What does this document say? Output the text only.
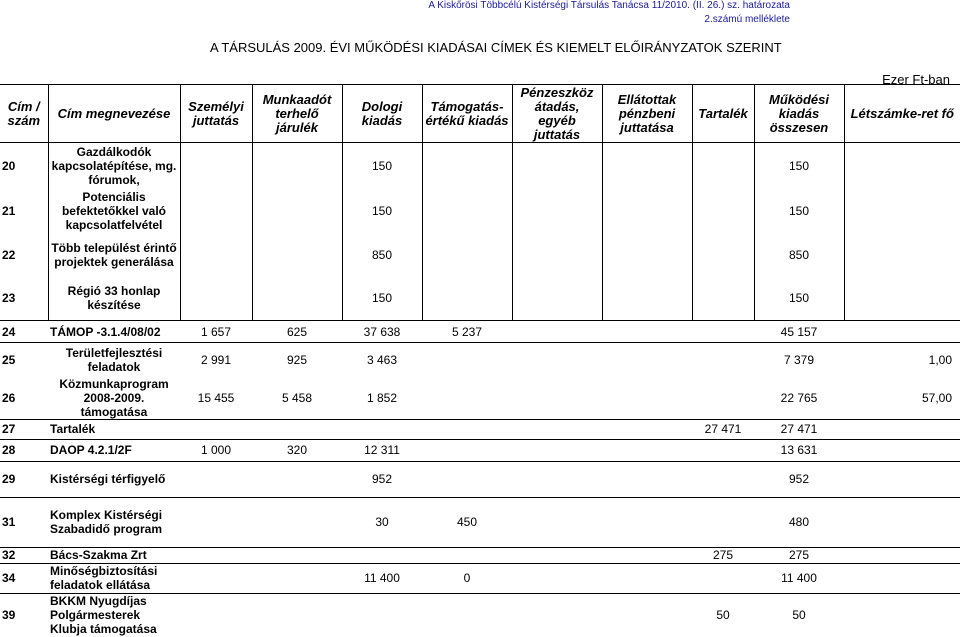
A Kiskőrösi Többcélú Kistérségi Társulás Tanácsa 11/2010. (II. 26.) sz. határozata
2.számú melléklete
A TÁRSULÁS 2009. ÉVI MŰKÖDÉSI KIADÁSAI CÍMEK ÉS KIEMELT ELŐIRÁNYZATOK SZERINT
Ezer Ft-ban
Cím / szám	Cím megnevezése	Személyi juttatás	Munkaadót terhelő járulék	Dologi kiadás	Támogatás-értékű kiadás	Pénzeszköz átadás, egyéb juttatás	Ellátottak pénzbeni juttatása	Tartalék	Működési kiadás összesen	Létszámke-ret fő
20	Gazdálkodók kapcsolatépítése, mg. fórumok,			150					150	
21	Potenciális befektetőkkel való kapcsolatfelvétel			150					150	
22	Több települést érintő projektek generálása			850					850	
23	Régió 33 honlap készítése			150					150	
24	TÁMOP -3.1.4/08/02	1 657	625	37 638	5 237				45 157	
25	Területfejlesztési feladatok	2 991	925	3 463					7 379	1,00
26	Közmunkaprogram 2008-2009. támogatása	15 455	5 458	1 852					22 765	57,00
27	Tartalék							27 471	27 471	
28	DAOP 4.2.1/2F	1 000	320	12 311					13 631	
29	Kistérségi térfigyelő			952					952	
31	Komplex Kistérségi Szabadidő program			30	450				480	
32	Bács-Szakma Zrt							275	275	
34	Minőségbiztosítási feladatok ellátása			11 400	0				11 400	
39	BKKM Nyugdíjas Polgármesterek Klubja támogatása							50	50	
